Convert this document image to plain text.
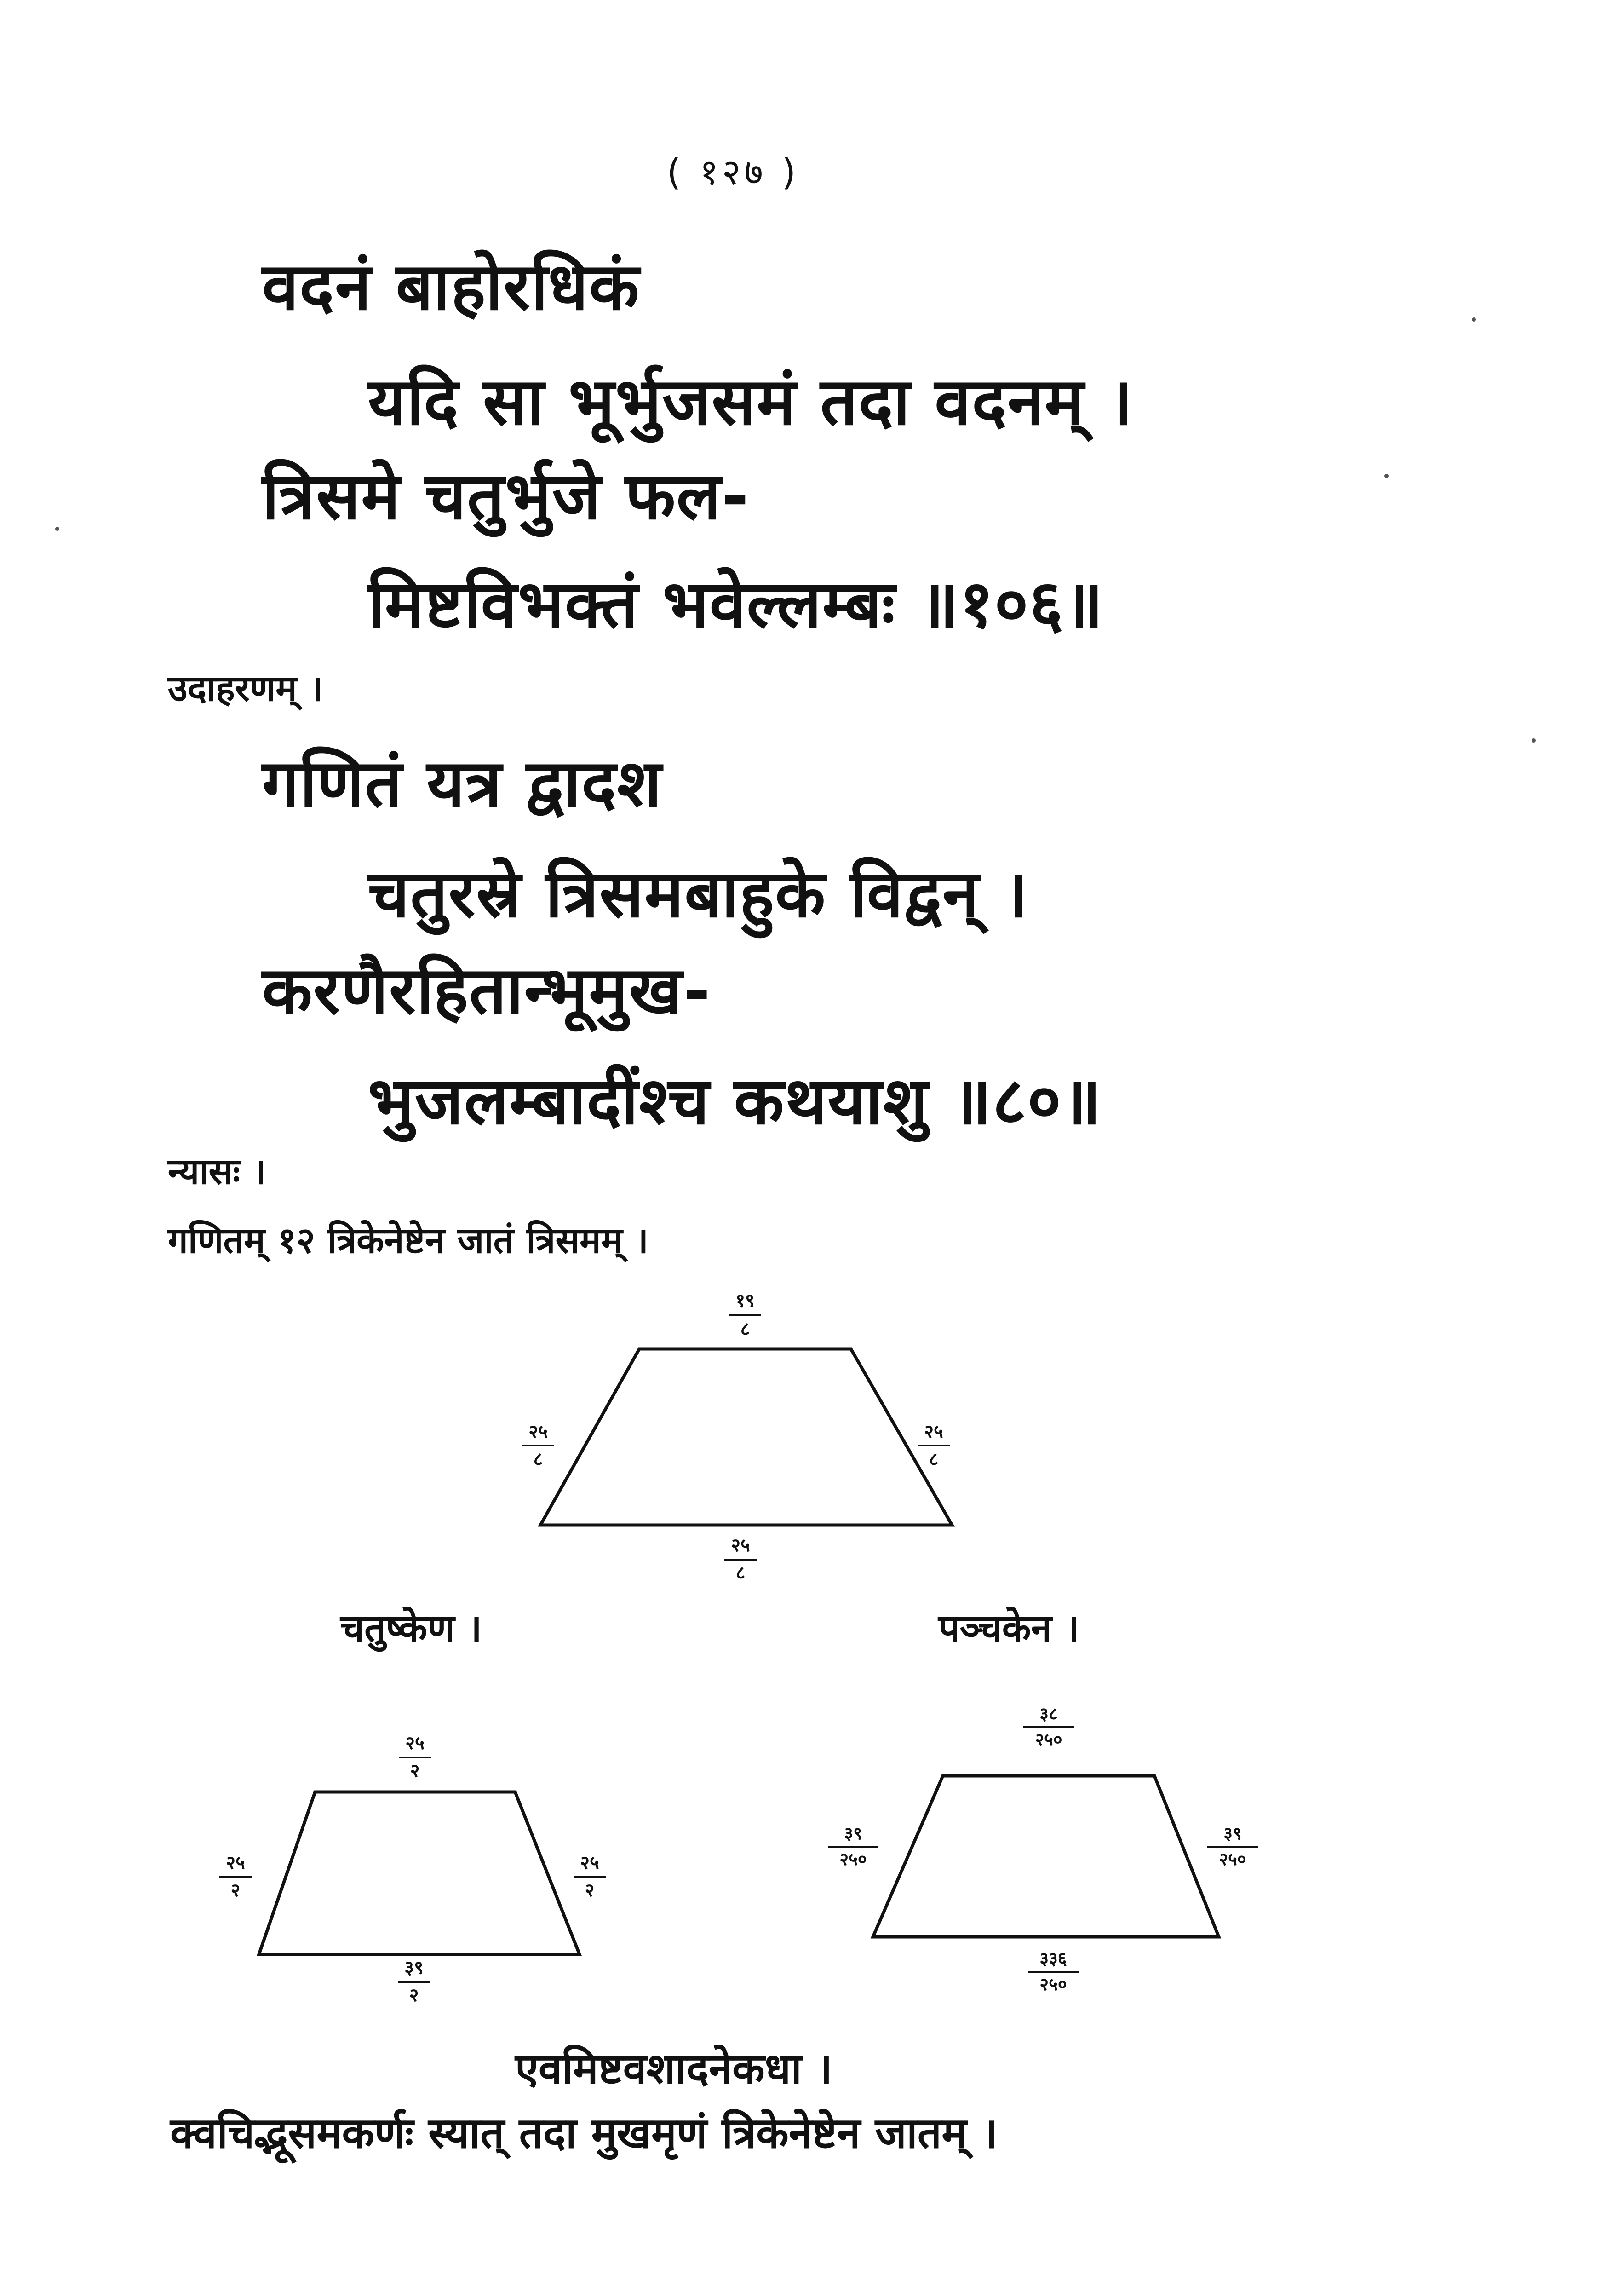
( १२७ )
वदनं बाहोरधिकं
यदि सा भूर्भुजसमं तदा वदनम् ।
त्रिसमे चतुर्भुजे फल-
मिष्टविभक्तं भवेल्लम्बः ॥१०६॥
उदाहरणम् ।
गणितं यत्र द्वादश
चतुरस्रे त्रिसमबाहुके विद्वन् ।
करणैरहितान्भूमुख-
भुजलम्बादींश्च कथयाशु ॥८०॥
न्यासः ।
गणितम् १२ त्रिकेनेष्टेन जातं त्रिसमम् ।
१९
८
२५
८
२५
८
२५
८
चतुष्केण ।	पञ्चकेन ।
२५
२
२५
२
२५
२
३९
२
३८
२५०
३९
२५०
३९
२५०
३३६
२५०
एवमिष्टवशादनेकधा ।
क्वचिद्भूसमकर्णः स्यात् तदा मुखमृणं त्रिकेनेष्टेन जातम् ।
